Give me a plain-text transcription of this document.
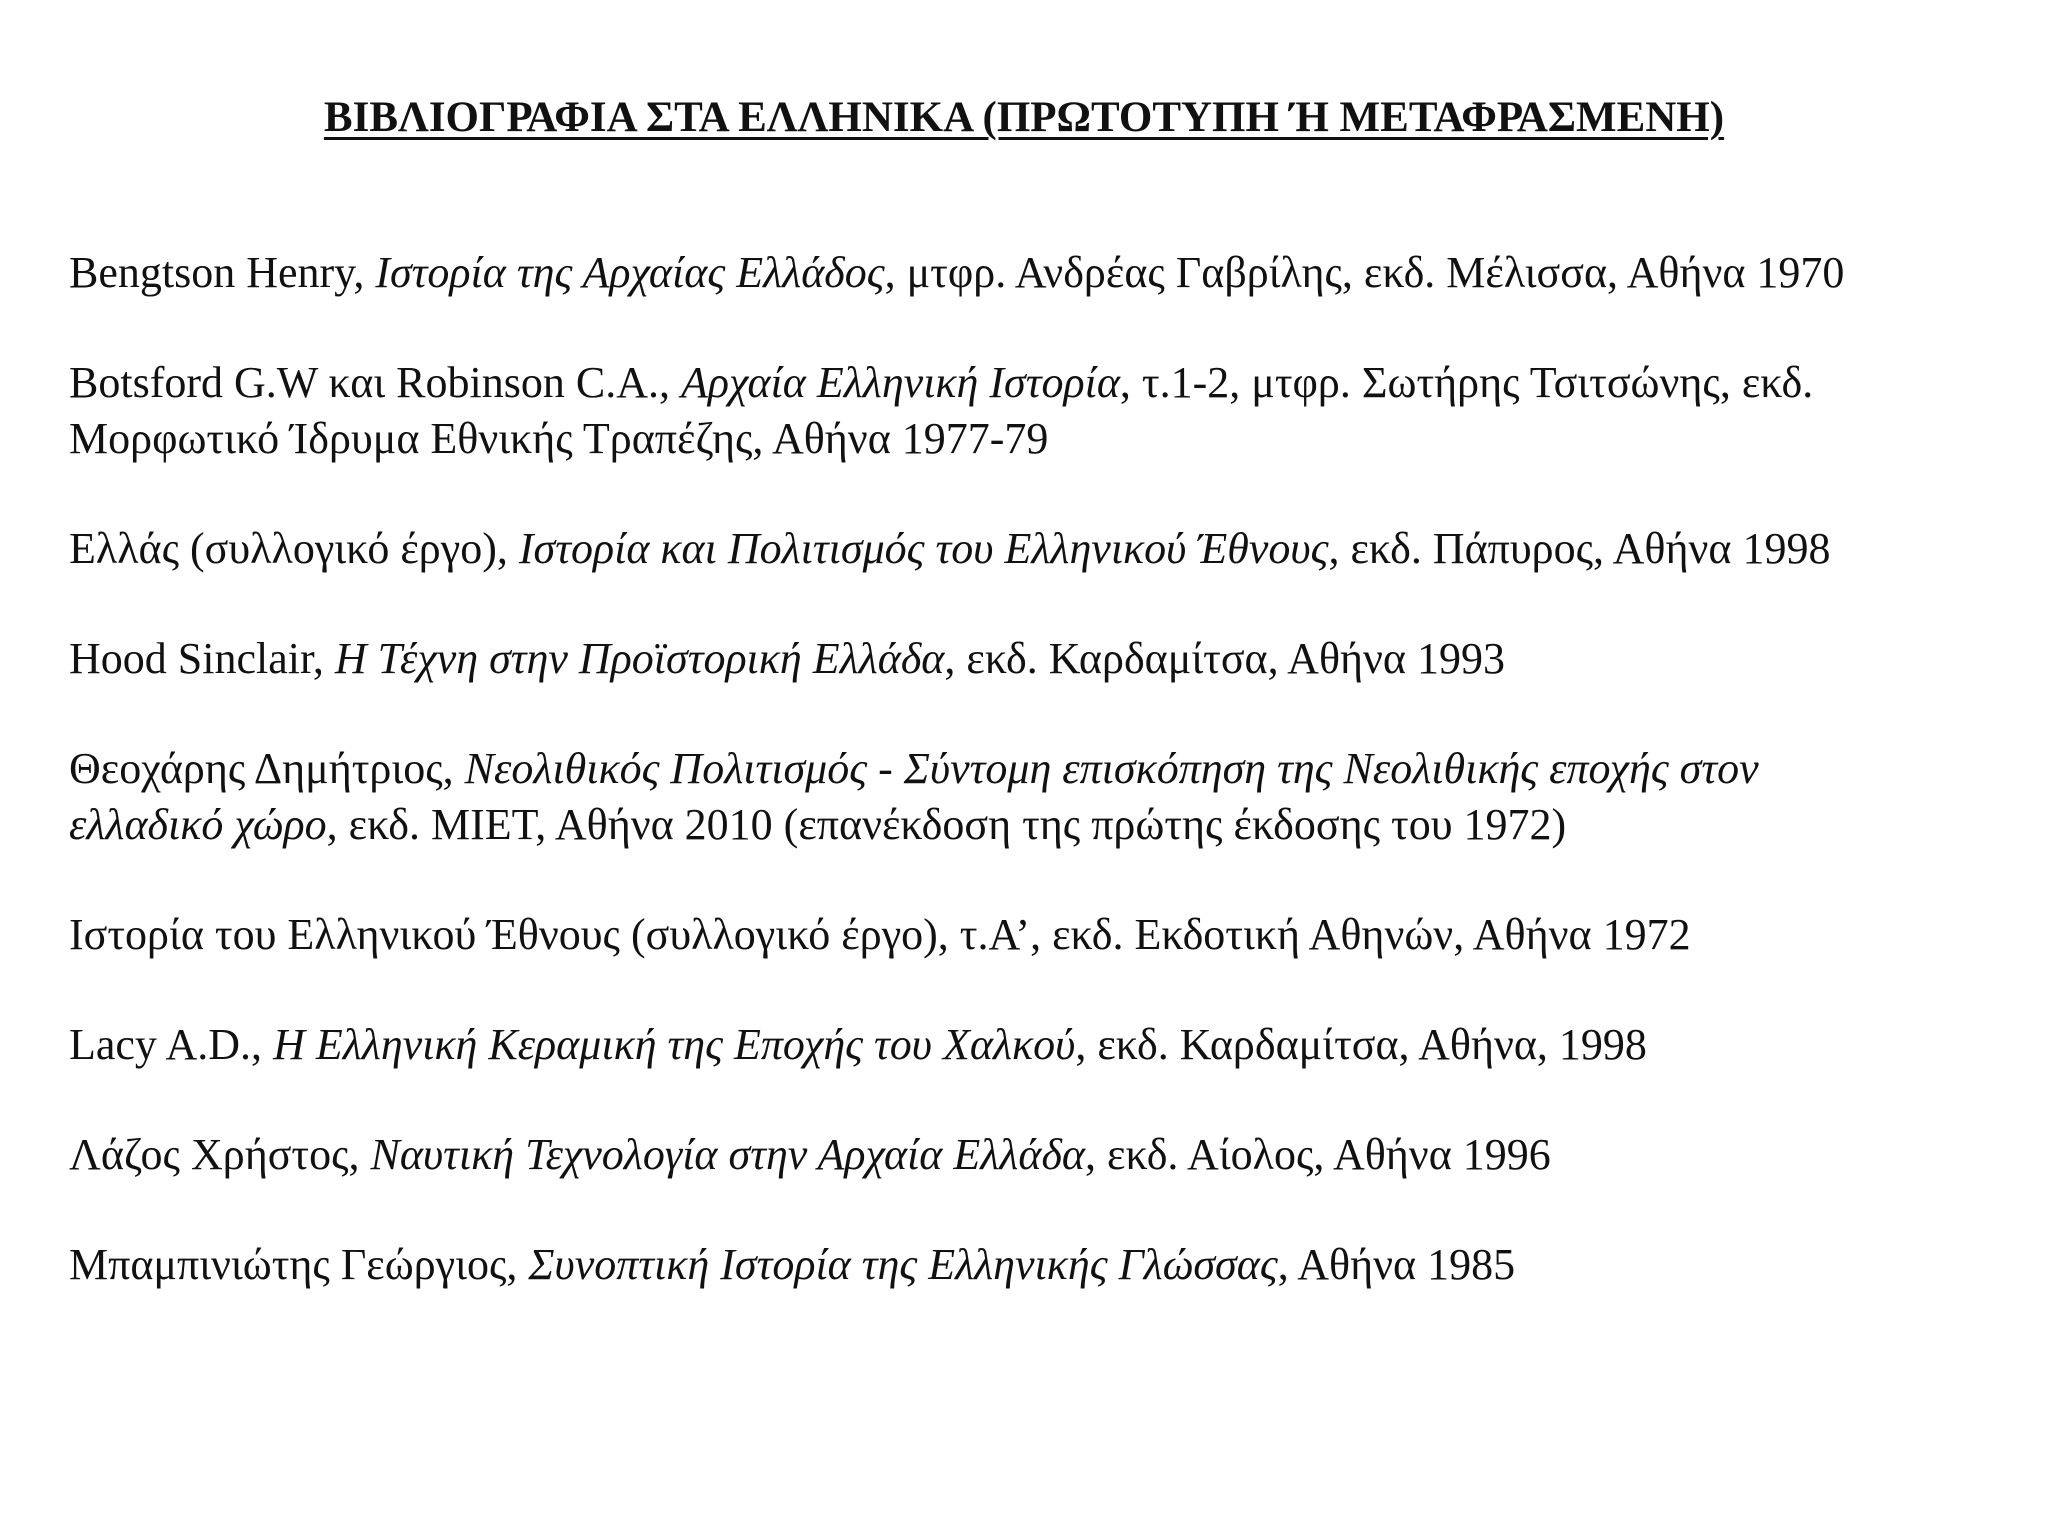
ΒΙΒΛΙΟΓΡΑΦΙΑ ΣΤΑ ΕΛΛΗΝΙΚΑ (ΠΡΩΤΟΤΥΠΗ Ή ΜΕΤΑΦΡΑΣΜΕΝΗ)

Bengtson Henry, Ιστορία της Αρχαίας Ελλάδος, μτφρ. Ανδρέας Γαβρίλης, εκδ. Μέλισσα, Αθήνα 1970

Botsford G.W και Robinson C.A., Αρχαία Ελληνική Ιστορία, τ.1-2, μτφρ. Σωτήρης Τσιτσώνης, εκδ.
Μορφωτικό Ίδρυμα Εθνικής Τραπέζης, Αθήνα 1977-79

Ελλάς (συλλογικό έργο), Ιστορία και Πολιτισμός του Ελληνικού Έθνους, εκδ. Πάπυρος, Αθήνα 1998

Hood Sinclair, Η Τέχνη στην Προϊστορική Ελλάδα, εκδ. Καρδαμίτσα, Αθήνα 1993

Θεοχάρης Δημήτριος, Νεολιθικός Πολιτισμός - Σύντομη επισκόπηση της Νεολιθικής εποχής στον
ελλαδικό χώρο, εκδ. ΜΙΕΤ, Αθήνα 2010 (επανέκδοση της πρώτης έκδοσης του 1972)

Ιστορία του Ελληνικού Έθνους (συλλογικό έργο), τ.Α’, εκδ. Εκδοτική Αθηνών, Αθήνα 1972

Lacy A.D., Η Ελληνική Κεραμική της Εποχής του Χαλκού, εκδ. Καρδαμίτσα, Αθήνα, 1998

Λάζος Χρήστος, Ναυτική Τεχνολογία στην Αρχαία Ελλάδα, εκδ. Αίολος, Αθήνα 1996

Μπαμπινιώτης Γεώργιος, Συνοπτική Ιστορία της Ελληνικής Γλώσσας, Αθήνα 1985
